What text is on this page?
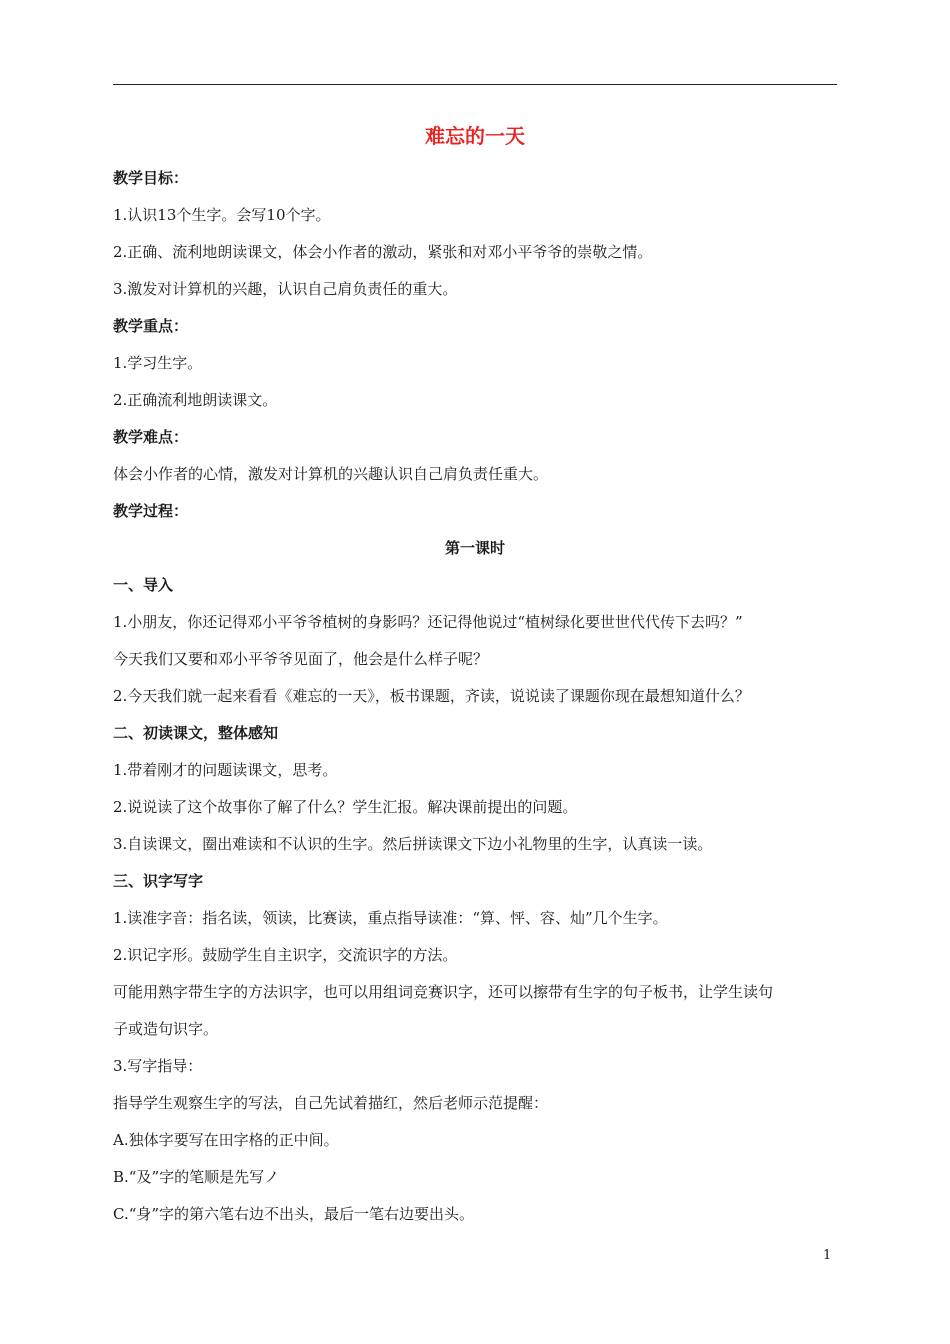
难忘的一天

教学目标：

1.认识13个生字。会写10个字。

2.正确、流利地朗读课文，体会小作者的激动，紧张和对邓小平爷爷的崇敬之情。

3.激发对计算机的兴趣，认识自己肩负责任的重大。

教学重点：

1.学习生字。

2.正确流利地朗读课文。

教学难点：

体会小作者的心情，激发对计算机的兴趣认识自己肩负责任重大。

教学过程：

第一课时

一、导入

1.小朋友，你还记得邓小平爷爷植树的身影吗？还记得他说过“植树绿化要世世代代传下去吗？”

今天我们又要和邓小平爷爷见面了，他会是什么样子呢？

2.今天我们就一起来看看《难忘的一天》，板书课题，齐读，说说读了课题你现在最想知道什么？

二、初读课文，整体感知

1.带着刚才的问题读课文，思考。

2.说说读了这个故事你了解了什么？学生汇报。解决课前提出的问题。

3.自读课文，圈出难读和不认识的生字。然后拼读课文下边小礼物里的生字，认真读一读。

三、识字写字

1.读准字音：指名读，领读，比赛读，重点指导读准：“算、怦、容、灿”几个生字。

2.识记字形。鼓励学生自主识字，交流识字的方法。

可能用熟字带生字的方法识字，也可以用组词竞赛识字，还可以擦带有生字的句子板书，让学生读句

子或造句识字。

3.写字指导：

指导学生观察生字的写法，自己先试着描红，然后老师示范提醒：

A.独体字要写在田字格的正中间。

B.“及”字的笔顺是先写ノ

C.“身”字的第六笔右边不出头，最后一笔右边要出头。

1
